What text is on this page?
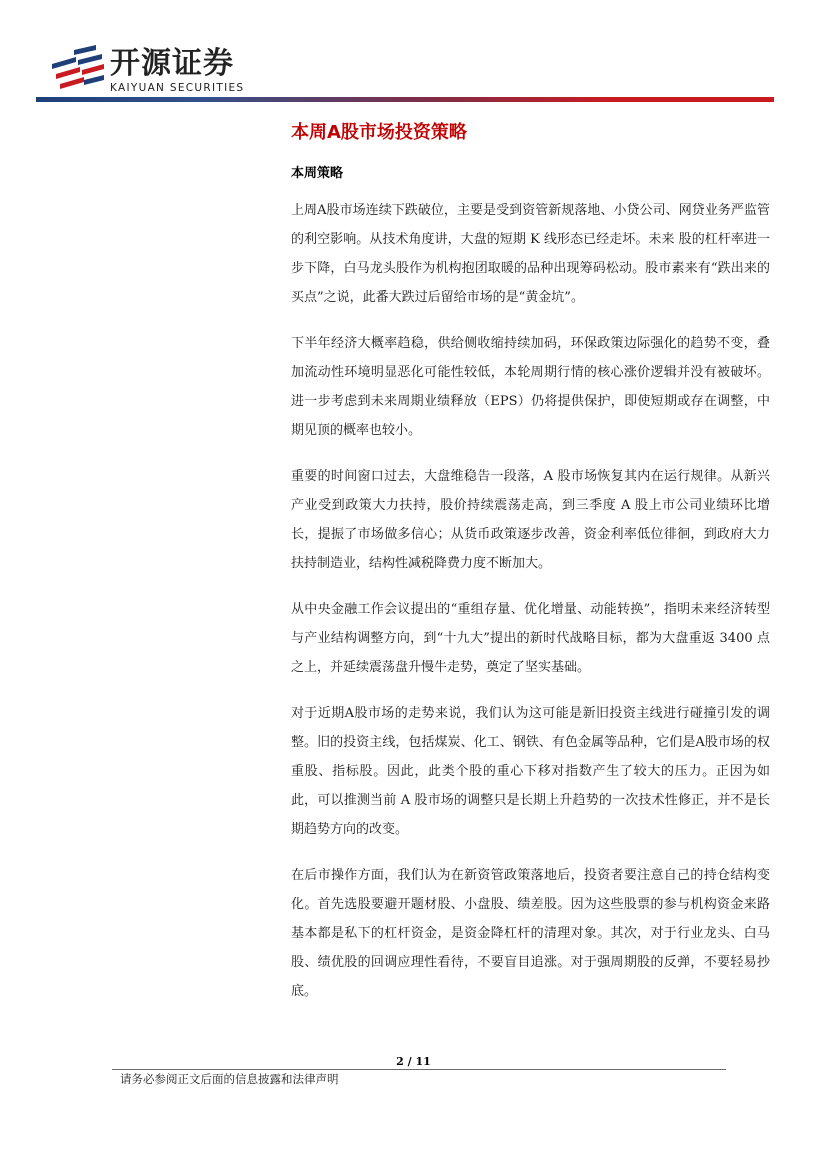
开源证券
KAIYUAN SECURITIES
本周A股市场投资策略
本周策略

上周A股市场连续下跌破位，主要是受到资管新规落地、小贷公司、网贷业务严监管的利空影响。从技术角度讲，大盘的短期 K 线形态已经走坏。未来 股的杠杆率进一步下降，白马龙头股作为机构抱团取暖的品种出现筹码松动。股市素来有“跌出来的买点”之说，此番大跌过后留给市场的是“黄金坑”。

下半年经济大概率趋稳，供给侧收缩持续加码，环保政策边际强化的趋势不变，叠加流动性环境明显恶化可能性较低，本轮周期行情的核心涨价逻辑并没有被破坏。进一步考虑到未来周期业绩释放（EPS）仍将提供保护，即使短期或存在调整，中期见顶的概率也较小。

重要的时间窗口过去，大盘维稳告一段落，A 股市场恢复其内在运行规律。从新兴产业受到政策大力扶持，股价持续震荡走高，到三季度 A 股上市公司业绩环比增长，提振了市场做多信心；从货币政策逐步改善，资金利率低位徘徊，到政府大力扶持制造业，结构性减税降费力度不断加大。

从中央金融工作会议提出的“重组存量、优化增量、动能转换”，指明未来经济转型与产业结构调整方向，到“十九大”提出的新时代战略目标，都为大盘重返 3400 点之上，并延续震荡盘升慢牛走势，奠定了坚实基础。

对于近期A股市场的走势来说，我们认为这可能是新旧投资主线进行碰撞引发的调整。旧的投资主线，包括煤炭、化工、钢铁、有色金属等品种，它们是A股市场的权重股、指标股。因此，此类个股的重心下移对指数产生了较大的压力。正因为如此，可以推测当前 A 股市场的调整只是长期上升趋势的一次技术性修正，并不是长期趋势方向的改变。

在后市操作方面，我们认为在新资管政策落地后，投资者要注意自己的持仓结构变化。首先选股要避开题材股、小盘股、绩差股。因为这些股票的参与机构资金来路基本都是私下的杠杆资金，是资金降杠杆的清理对象。其次，对于行业龙头、白马股、绩优股的回调应理性看待，不要盲目追涨。对于强周期股的反弹，不要轻易抄底。

2 / 11
请务必参阅正文后面的信息披露和法律声明
